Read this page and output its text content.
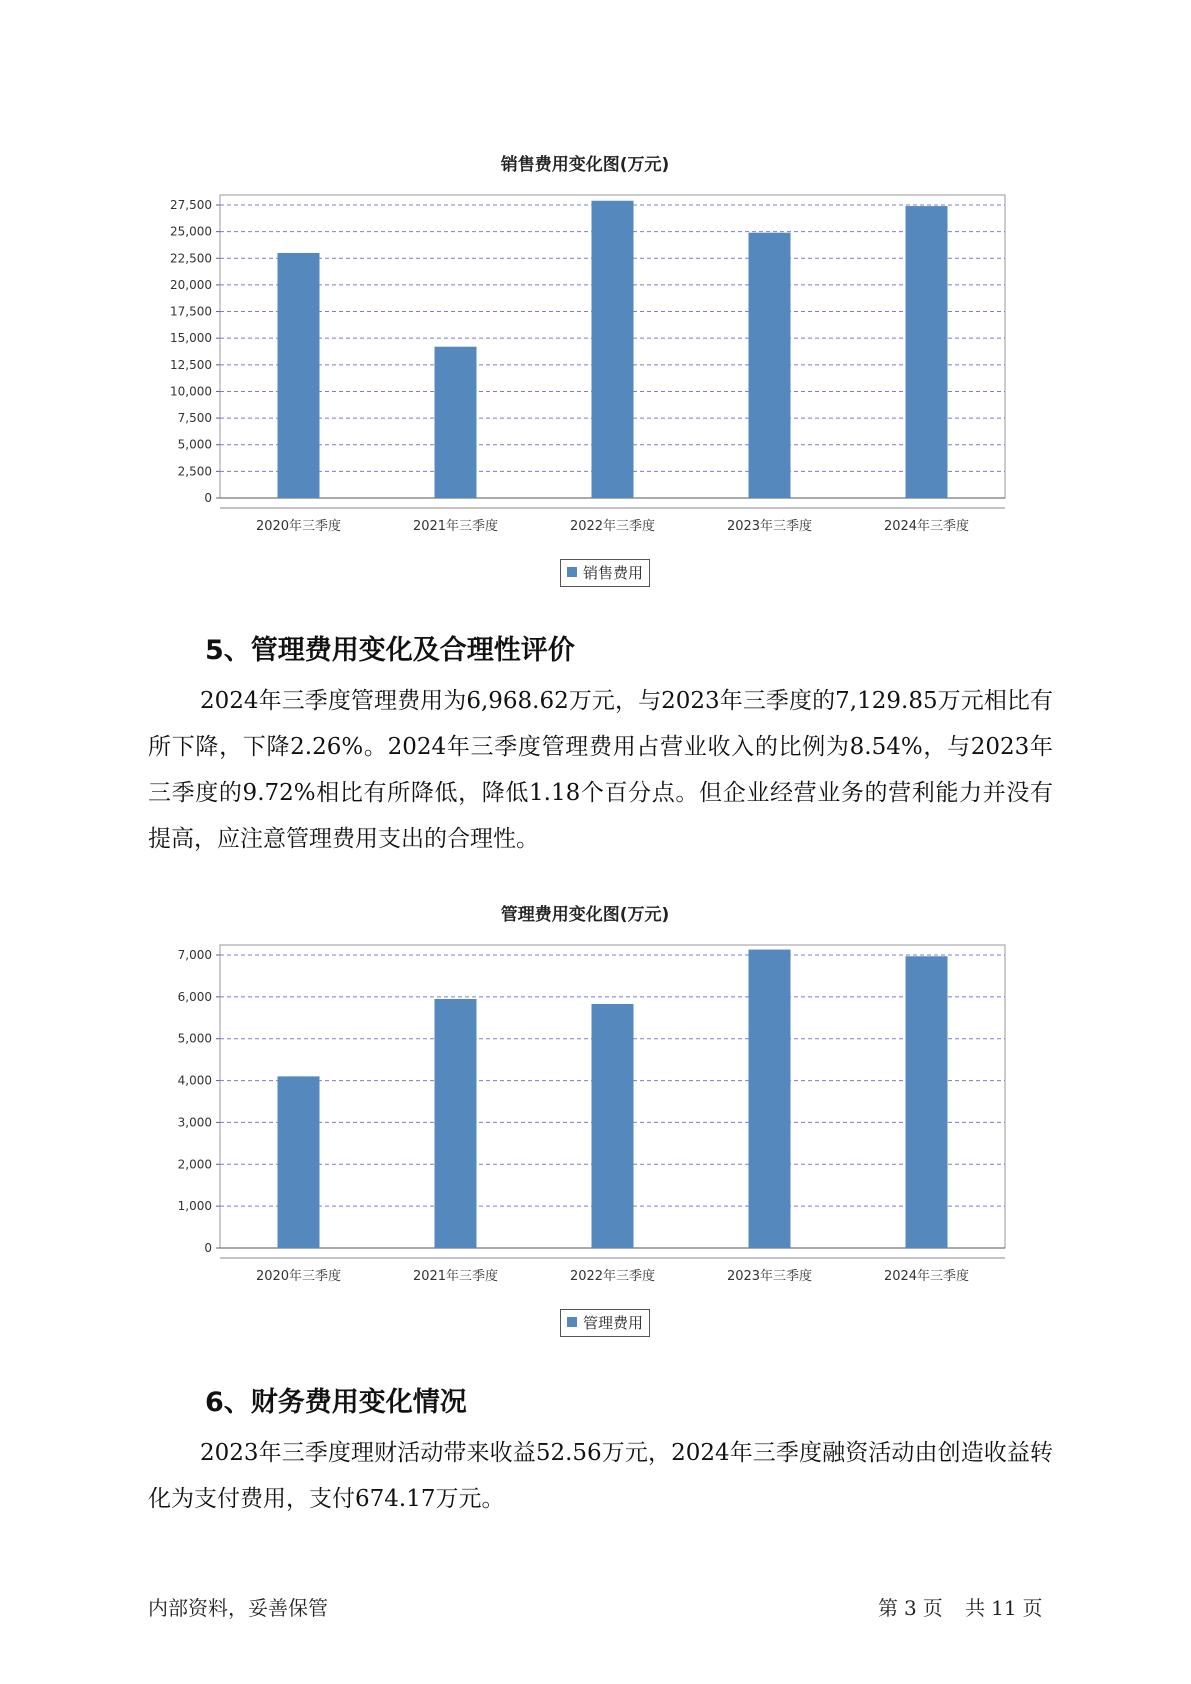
销售费用变化图(万元)
0
2,500
5,000
7,500
10,000
12,500
15,000
17,500
20,000
22,500
25,000
27,500
2020年三季度	2021年三季度	2022年三季度	2023年三季度	2024年三季度
销售费用
5、管理费用变化及合理性评价

2024年三季度管理费用为6,968.62万元，与2023年三季度的7,129.85万元相比有所下降，下降2.26%。2024年三季度管理费用占营业收入的比例为8.54%，与2023年三季度的9.72%相比有所降低，降低1.18个百分点。但企业经营业务的营利能力并没有提高，应注意管理费用支出的合理性。

管理费用变化图(万元)
0
1,000
2,000
3,000
4,000
5,000
6,000
7,000
2020年三季度	2021年三季度	2022年三季度	2023年三季度	2024年三季度
管理费用
6、财务费用变化情况

2023年三季度理财活动带来收益52.56万元，2024年三季度融资活动由创造收益转化为支付费用，支付674.17万元。

内部资料，妥善保管	第 3 页 共 11 页
